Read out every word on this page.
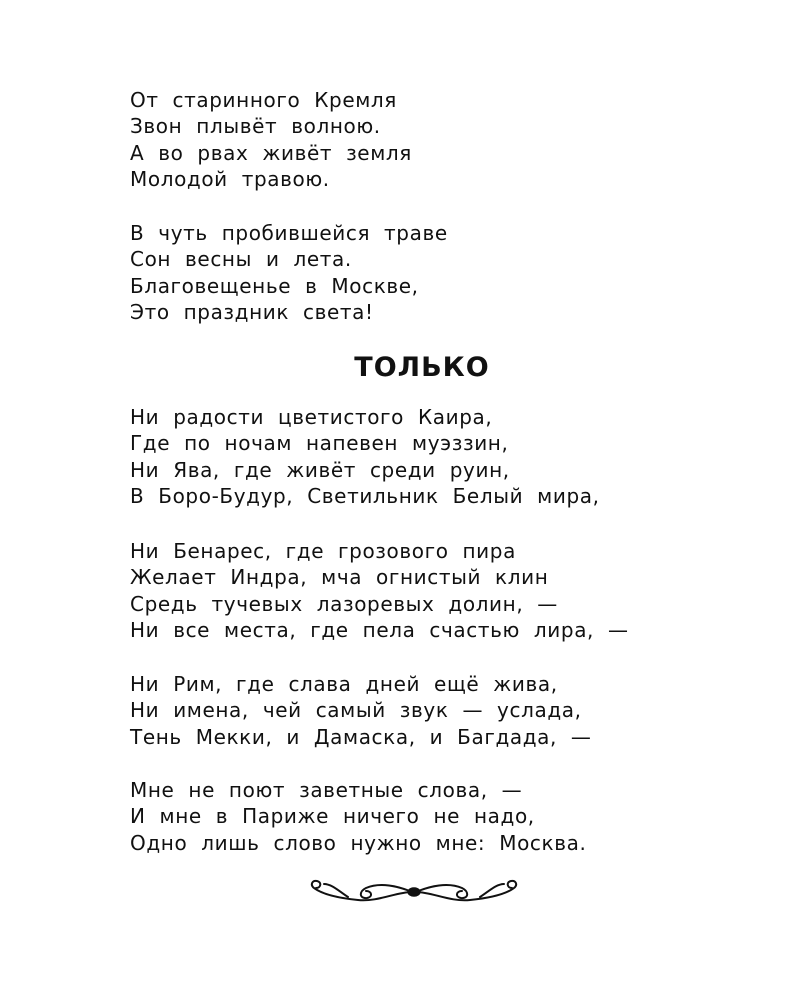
От старинного Кремля
Звон плывёт волною.
А во рвах живёт земля
Молодой травою.
В чуть пробившейся траве
Сон весны и лета.
Благовещенье в Москве,
Это праздник света!
ТОЛЬКО
Ни радости цветистого Каира,
Где по ночам напевен муэззин,
Ни Ява, где живёт среди руин,
В Боро-Будур, Светильник Белый мира,
Ни Бенарес, где грозового пира
Желает Индра, мча огнистый клин
Средь тучевых лазоревых долин, —
Ни все места, где пела счастью лира, —
Ни Рим, где слава дней ещё жива,
Ни имена, чей самый звук — услада,
Тень Мекки, и Дамаска, и Багдада, —
Мне не поют заветные слова, —
И мне в Париже ничего не надо,
Одно лишь слово нужно мне: Москва.
